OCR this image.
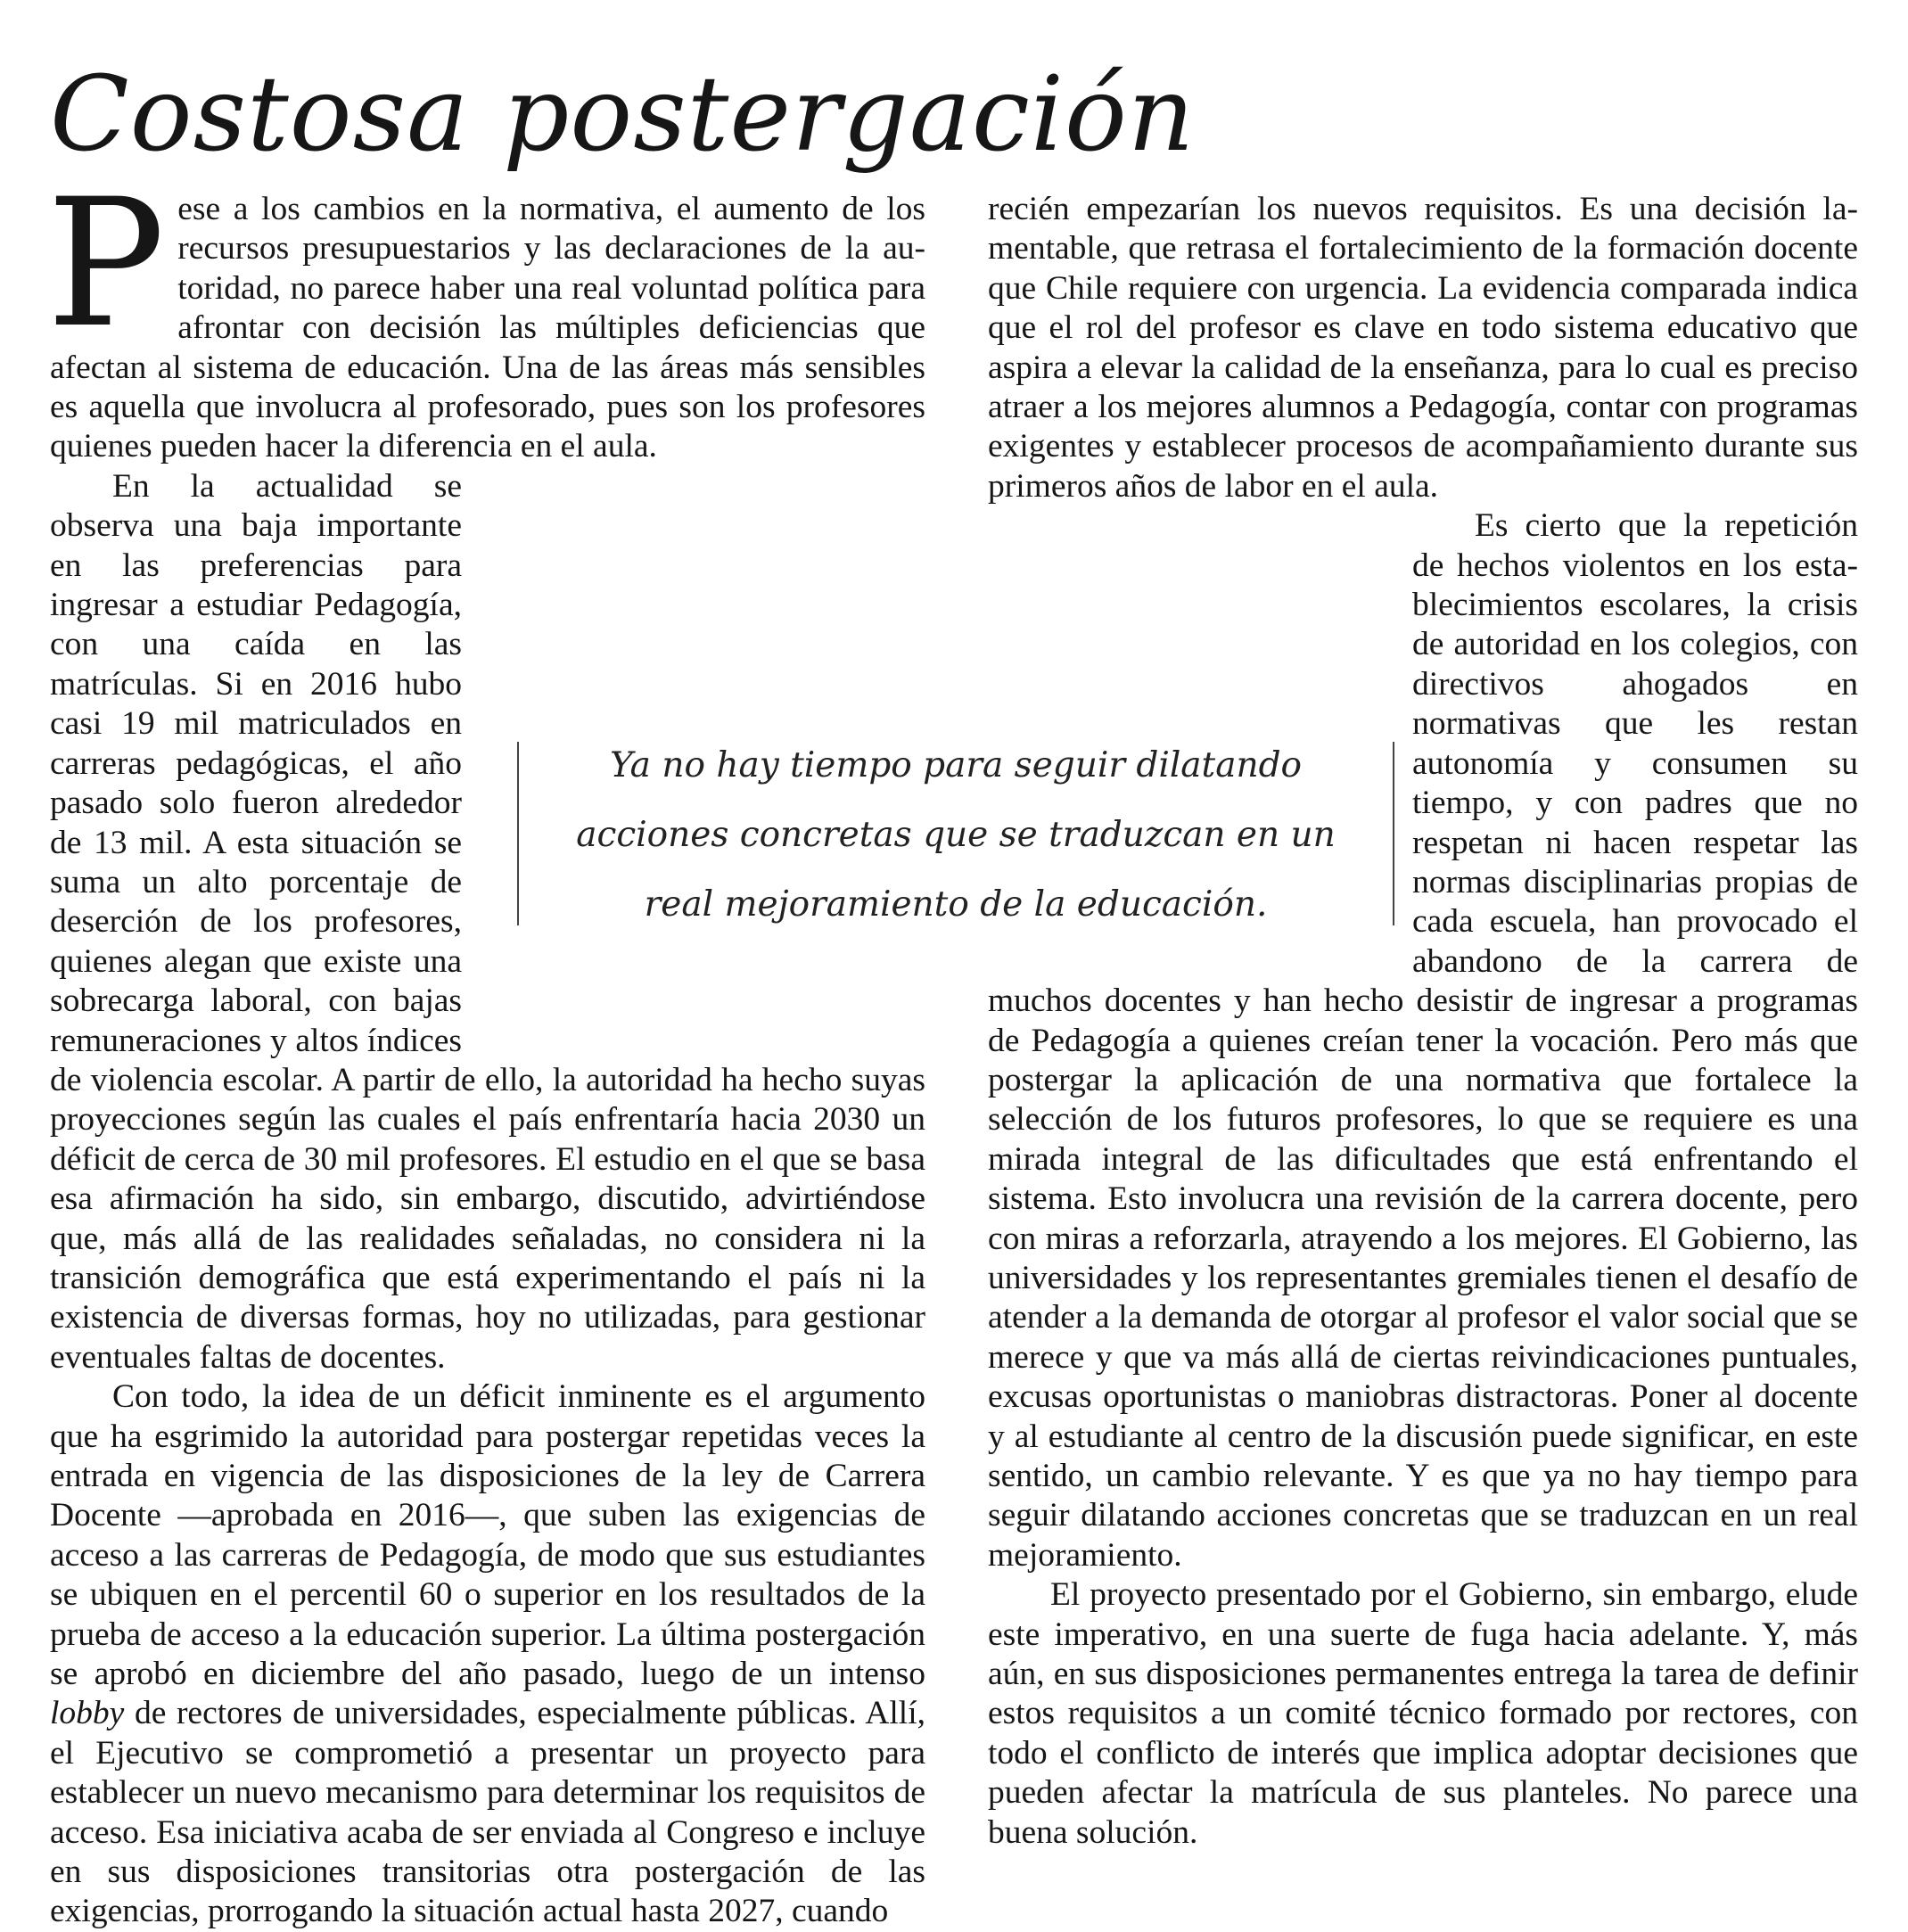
Costosa postergación

Pese a los cambios en la normativa, el aumento de los recursos presupuestarios y las declaraciones de la autoridad, no parece haber una real voluntad política para afrontar con decisión las múltiples deficiencias que afectan al sistema de educación. Una de las áreas más sensibles es aquella que involucra al profesorado, pues son los profesores quienes pueden hacer la diferencia en el aula.

En la actualidad se observa una baja importante en las preferencias para ingresar a estudiar Pedagogía, con una caída en las matrículas. Si en 2016 hubo casi 19 mil matriculados en carreras pedagógicas, el año pasado solo fueron alrededor de 13 mil. A esta situación se suma un alto porcentaje de deserción de los profesores, quienes alegan que existe una sobrecarga laboral, con bajas remuneraciones y altos índices de violencia escolar. A partir de ello, la autoridad ha hecho suyas proyecciones según las cuales el país enfrentaría hacia 2030 un déficit de cerca de 30 mil profesores. El estudio en el que se basa esa afirmación ha sido, sin embargo, discutido, advirtiéndose que, más allá de las realidades señaladas, no considera ni la transición demográfica que está experimentando el país ni la existencia de diversas formas, hoy no utilizadas, para gestionar eventuales faltas de docentes.

Con todo, la idea de un déficit inminente es el argumento que ha esgrimido la autoridad para postergar repetidas veces la entrada en vigencia de las disposiciones de la ley de Carrera Docente —aprobada en 2016—, que suben las exigencias de acceso a las carreras de Pedagogía, de modo que sus estudiantes se ubiquen en el percentil 60 o superior en los resultados de la prueba de acceso a la educación superior. La última postergación se aprobó en diciembre del año pasado, luego de un intenso lobby de rectores de universidades, especialmente públicas. Allí, el Ejecutivo se comprometió a presentar un proyecto para establecer un nuevo mecanismo para determinar los requisitos de acceso. Esa iniciativa acaba de ser enviada al Congreso e incluye en sus disposiciones transitorias otra postergación de las exigencias, prorrogando la situación actual hasta 2027, cuando

recién empezarían los nuevos requisitos. Es una decisión lamentable, que retrasa el fortalecimiento de la formación docente que Chile requiere con urgencia. La evidencia comparada indica que el rol del profesor es clave en todo sistema educativo que aspira a elevar la calidad de la enseñanza, para lo cual es preciso atraer a los mejores alumnos a Pedagogía, contar con programas exigentes y establecer procesos de acompañamiento durante sus primeros años de labor en el aula.

Es cierto que la repetición de hechos violentos en los establecimientos escolares, la crisis de autoridad en los colegios, con directivos ahogados en normativas que les restan autonomía y consumen su tiempo, y con padres que no respetan ni hacen respetar las normas disciplinarias propias de cada escuela, han provocado el abandono de la carrera de muchos docentes y han hecho desistir de ingresar a programas de Pedagogía a quienes creían tener la vocación. Pero más que postergar la aplicación de una normativa que fortalece la selección de los futuros profesores, lo que se requiere es una mirada integral de las dificultades que está enfrentando el sistema. Esto involucra una revisión de la carrera docente, pero con miras a reforzarla, atrayendo a los mejores. El Gobierno, las universidades y los representantes gremiales tienen el desafío de atender a la demanda de otorgar al profesor el valor social que se merece y que va más allá de ciertas reivindicaciones puntuales, excusas oportunistas o maniobras distractoras. Poner al docente y al estudiante al centro de la discusión puede significar, en este sentido, un cambio relevante. Y es que ya no hay tiempo para seguir dilatando acciones concretas que se traduzcan en un real mejoramiento.

El proyecto presentado por el Gobierno, sin embargo, elude este imperativo, en una suerte de fuga hacia adelante. Y, más aún, en sus disposiciones permanentes entrega la tarea de definir estos requisitos a un comité técnico formado por rectores, con todo el conflicto de interés que implica adoptar decisiones que pueden afectar la matrícula de sus planteles. No parece una buena solución.

Ya no hay tiempo para seguir dilatando acciones concretas que se traduzcan en un real mejoramiento de la educación.
